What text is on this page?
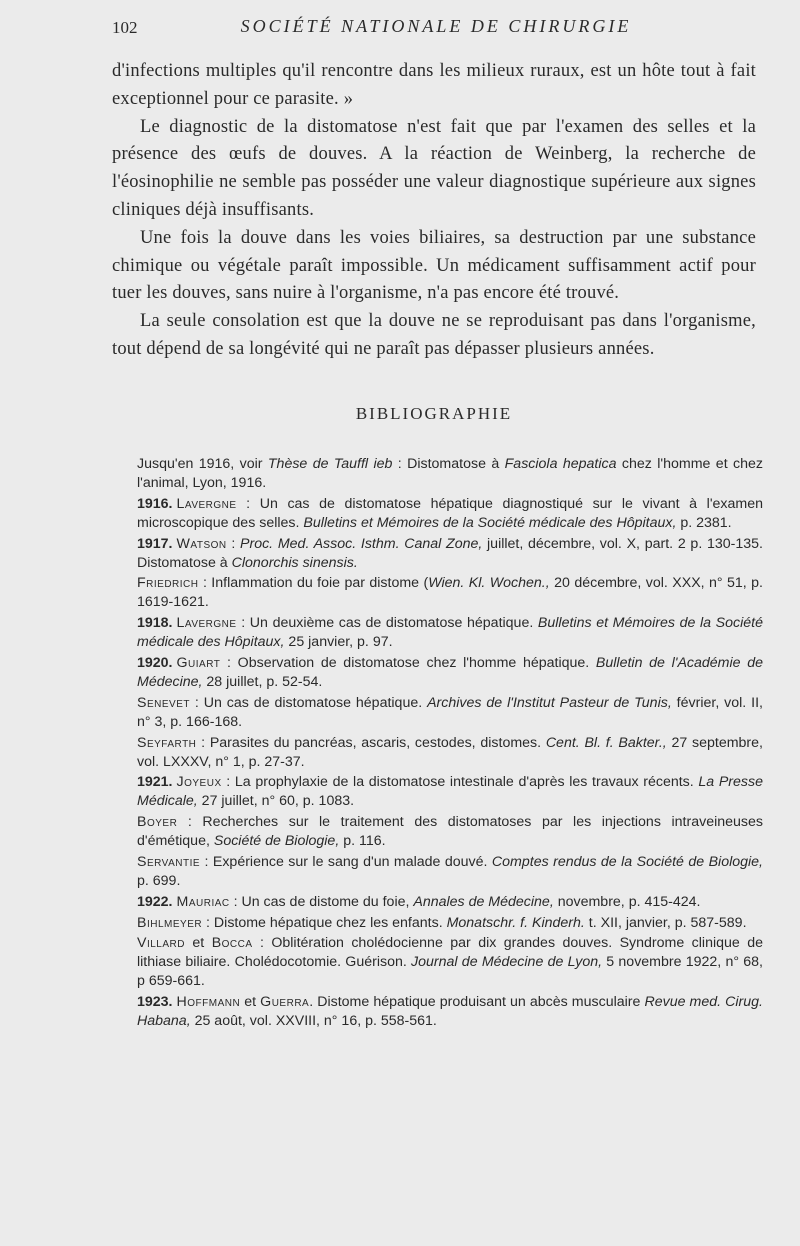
102	SOCIÉTÉ NATIONALE DE CHIRURGIE

d'infections multiples qu'il rencontre dans les milieux ruraux, est un hôte tout à fait exceptionnel pour ce parasite. »

Le diagnostic de la distomatose n'est fait que par l'examen des selles et la présence des œufs de douves. A la réaction de Weinberg, la recherche de l'éosinophilie ne semble pas posséder une valeur diagnostique supérieure aux signes cliniques déjà insuffisants.

Une fois la douve dans les voies biliaires, sa destruction par une substance chimique ou végétale paraît impossible. Un médicament suffisamment actif pour tuer les douves, sans nuire à l'organisme, n'a pas encore été trouvé.

La seule consolation est que la douve ne se reproduisant pas dans l'organisme, tout dépend de sa longévité qui ne paraît pas dépasser plusieurs années.

BIBLIOGRAPHIE

Jusqu'en 1916, voir Thèse de Tauffl ieb : Distomatose à Fasciola hepatica chez l'homme et chez l'animal, Lyon, 1916.

1916. Lavergne : Un cas de distomatose hépatique diagnostiqué sur le vivant à l'examen microscopique des selles. Bulletins et Mémoires de la Société médicale des Hôpitaux, p. 2381.

1917. Watson : Proc. Med. Assoc. Isthm. Canal Zone, juillet, décembre, vol. X, part. 2 p. 130-135. Distomatose à Clonorchis sinensis.

Friedrich : Inflammation du foie par distome (Wien. Kl. Wochen., 20 décembre, vol. XXX, n° 51, p. 1619-1621.

1918. Lavergne : Un deuxième cas de distomatose hépatique. Bulletins et Mémoires de la Société médicale des Hôpitaux, 25 janvier, p. 97.

1920. Guiart : Observation de distomatose chez l'homme hépatique. Bulletin de l'Académie de Médecine, 28 juillet, p. 52-54.

Senevet : Un cas de distomatose hépatique. Archives de l'Institut Pasteur de Tunis, février, vol. II, n° 3, p. 166-168.

Seyfarth : Parasites du pancréas, ascaris, cestodes, distomes. Cent. Bl. f. Bakter., 27 septembre, vol. LXXXV, n° 1, p. 27-37.

1921. Joyeux : La prophylaxie de la distomatose intestinale d'après les travaux récents. La Presse Médicale, 27 juillet, n° 60, p. 1083.

Boyer : Recherches sur le traitement des distomatoses par les injections intraveineuses d'émétique, Société de Biologie, p. 116.

Servantie : Expérience sur le sang d'un malade douvé. Comptes rendus de la Société de Biologie, p. 699.

1922. Mauriac : Un cas de distome du foie, Annales de Médecine, novembre, p. 415-424.

Bihlmeyer : Distome hépatique chez les enfants. Monatschr. f. Kinderh. t. XII, janvier, p. 587-589.

Villard et Bocca : Oblitération cholédocienne par dix grandes douves. Syndrome clinique de lithiase biliaire. Cholédocotomie. Guérison. Journal de Médecine de Lyon, 5 novembre 1922, n° 68, p 659-661.

1923. Hoffmann et Guerra. Distome hépatique produisant un abcès musculaire Revue med. Cirug. Habana, 25 août, vol. XXVIII, n° 16, p. 558-561.
